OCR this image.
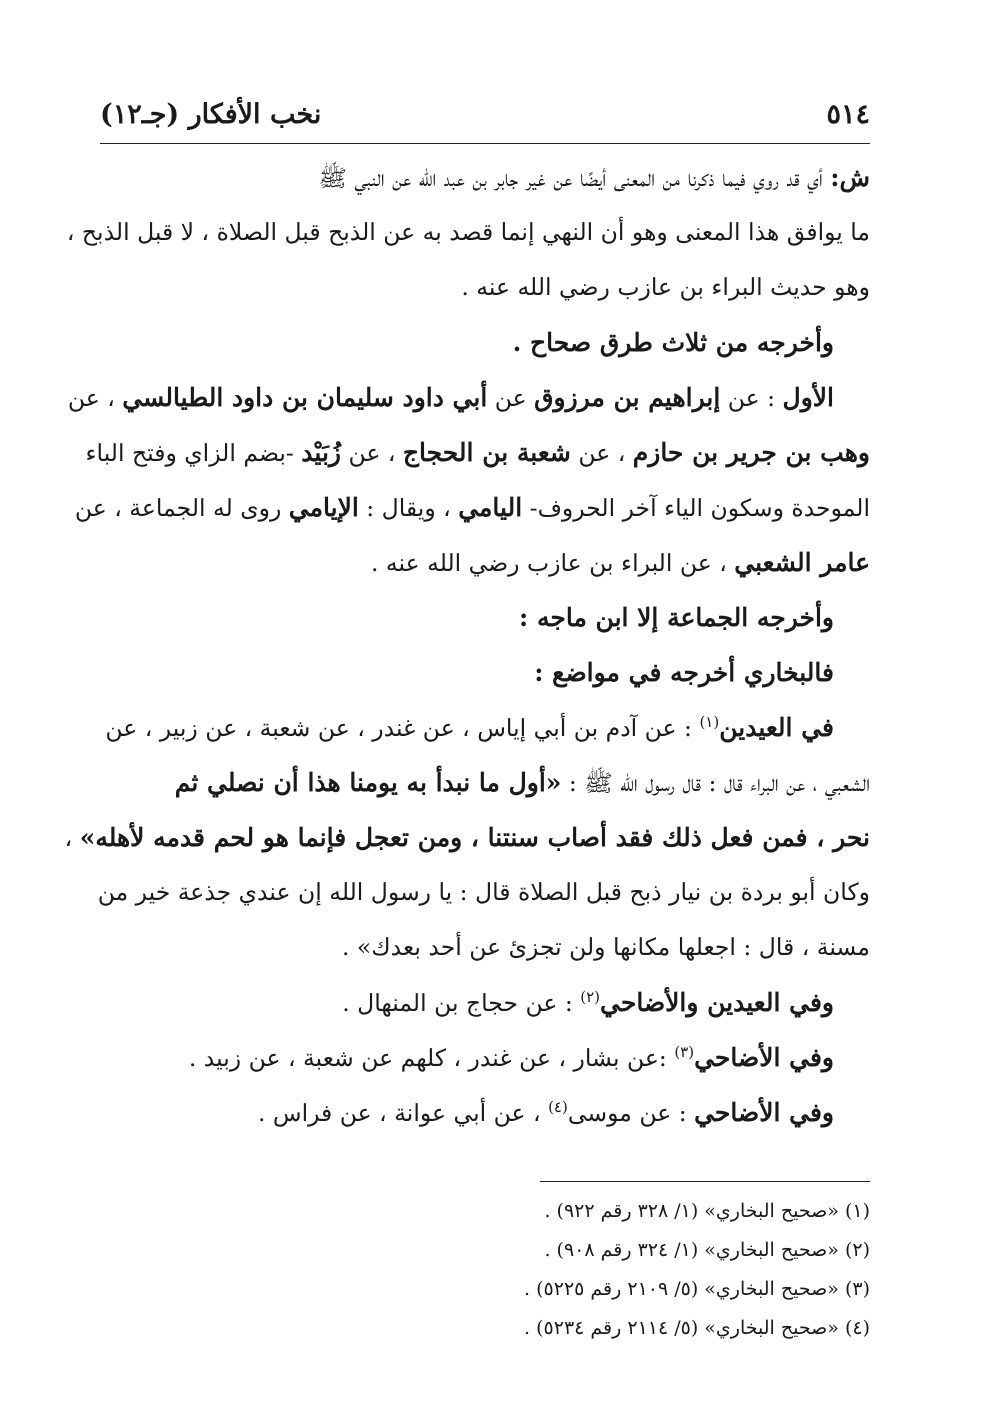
٥١٤
نخب الأفكار (جـ١٢)
ش: أي قد روي فيما ذكرنا من المعنى أيضًا عن غير جابر بن عبد الله عن النبي ﷺ
ما يوافق هذا المعنى وهو أن النهي إنما قصد به عن الذبح قبل الصلاة ، لا قبل الذبح ،
وهو حديث البراء بن عازب رضي الله عنه .
وأخرجه من ثلاث طرق صحاح .
الأول : عن إبراهيم بن مرزوق عن أبي داود سليمان بن داود الطيالسي ، عن
وهب بن جرير بن حازم ، عن شعبة بن الحجاج ، عن زُبَيْد -بضم الزاي وفتح الباء
الموحدة وسكون الياء آخر الحروف- اليامي ، ويقال : الإيامي روى له الجماعة ، عن
عامر الشعبي ، عن البراء بن عازب رضي الله عنه .
وأخرجه الجماعة إلا ابن ماجه :
فالبخاري أخرجه في مواضع :
في العيدين$^{(١)}$ : عن آدم بن أبي إياس ، عن غندر ، عن شعبة ، عن زبير ، عن
الشعبي ، عن البراء قال : قال رسول الله ﷺ : «أول ما نبدأ به يومنا هذا أن نصلي ثم
نحر ، فمن فعل ذلك فقد أصاب سنتنا ، ومن تعجل فإنما هو لحم قدمه لأهله» ،
وكان أبو بردة بن نيار ذبح قبل الصلاة قال : يا رسول الله إن عندي جذعة خير من
مسنة ، قال : اجعلها مكانها ولن تجزئ عن أحد بعدك» .
وفي العيدين والأضاحي$^{(٢)}$ : عن حجاج بن المنهال .
وفي الأضاحي$^{(٣)}$ :عن بشار ، عن غندر ، كلهم عن شعبة ، عن زبيد .
وفي الأضاحي : عن موسى$^{(٤)}$ ، عن أبي عوانة ، عن فراس .
(١) «صحيح البخاري» (١/ ٣٢٨ رقم ٩٢٢) .
(٢) «صحيح البخاري» (١/ ٣٢٤ رقم ٩٠٨) .
(٣) «صحيح البخاري» (٥/ ٢١٠٩ رقم ٥٢٢٥) .
(٤) «صحيح البخاري» (٥/ ٢١١٤ رقم ٥٢٣٤) .
